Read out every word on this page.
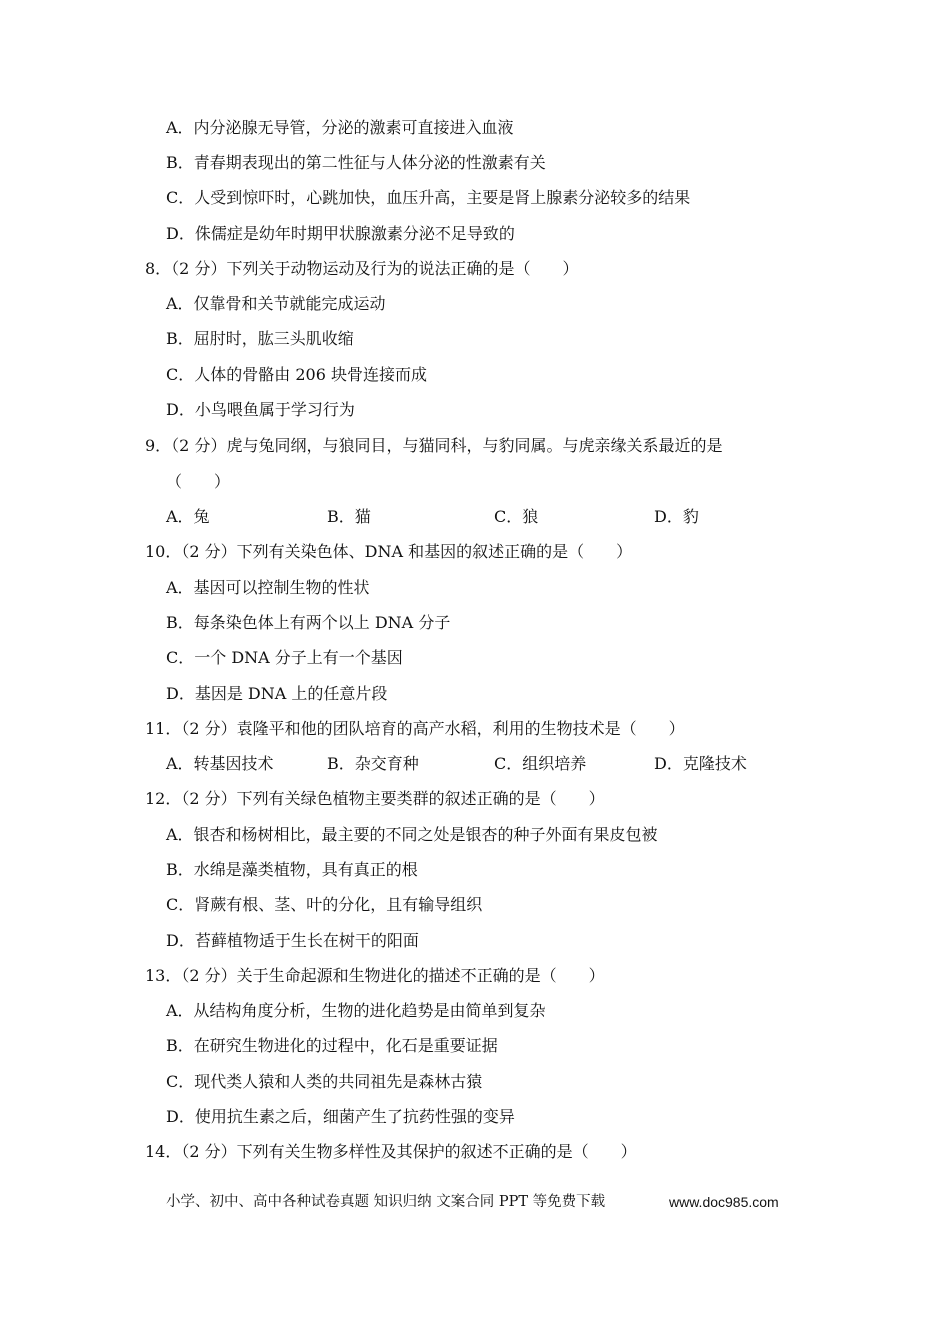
A．内分泌腺无导管，分泌的激素可直接进入血液
B．青春期表现出的第二性征与人体分泌的性激素有关
C．人受到惊吓时，心跳加快，血压升高，主要是肾上腺素分泌较多的结果
D．侏儒症是幼年时期甲状腺激素分泌不足导致的
8．（2 分）下列关于动物运动及行为的说法正确的是（　　）
A．仅靠骨和关节就能完成运动
B．屈肘时，肱三头肌收缩
C．人体的骨骼由 206 块骨连接而成
D．小鸟喂鱼属于学习行为
9．（2 分）虎与兔同纲，与狼同目，与猫同科，与豹同属。与虎亲缘关系最近的是
（　　）
A．兔	B．猫	C．狼	D．豹
10．（2 分）下列有关染色体、DNA 和基因的叙述正确的是（　　）
A．基因可以控制生物的性状
B．每条染色体上有两个以上 DNA 分子
C．一个 DNA 分子上有一个基因
D．基因是 DNA 上的任意片段
11．（2 分）袁隆平和他的团队培育的高产水稻，利用的生物技术是（　　）
A．转基因技术	B．杂交育种	C．组织培养	D．克隆技术
12．（2 分）下列有关绿色植物主要类群的叙述正确的是（　　）
A．银杏和杨树相比，最主要的不同之处是银杏的种子外面有果皮包被
B．水绵是藻类植物，具有真正的根
C．肾蕨有根、茎、叶的分化，且有输导组织
D．苔藓植物适于生长在树干的阳面
13．（2 分）关于生命起源和生物进化的描述不正确的是（　　）
A．从结构角度分析，生物的进化趋势是由简单到复杂
B．在研究生物进化的过程中，化石是重要证据
C．现代类人猿和人类的共同祖先是森林古猿
D．使用抗生素之后，细菌产生了抗药性强的变异
14．（2 分）下列有关生物多样性及其保护的叙述不正确的是（　　）
小学、初中、高中各种试卷真题 知识归纳 文案合同 PPT 等免费下载	www.doc985.com
